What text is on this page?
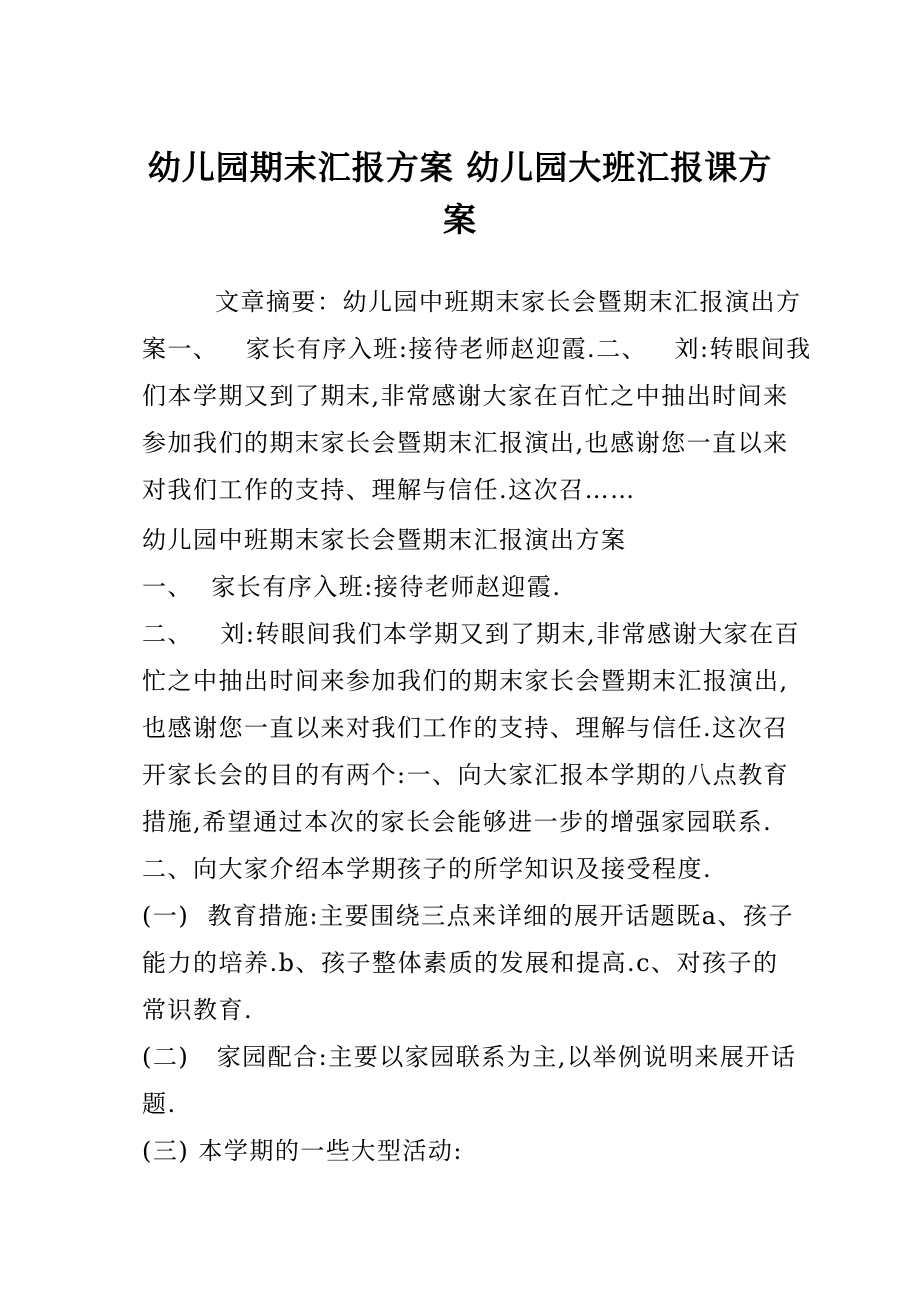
幼儿园期末汇报方案 幼儿园大班汇报课方
案
文章摘要：幼儿园中班期末家长会暨期末汇报演出方
案一、   家长有序入班:接待老师赵迎霞.二、   刘:转眼间我
们本学期又到了期末,非常感谢大家在百忙之中抽出时间来
参加我们的期末家长会暨期末汇报演出,也感谢您一直以来
对我们工作的支持、理解与信任.这次召……
幼儿园中班期末家长会暨期末汇报演出方案
一、  家长有序入班:接待老师赵迎霞.
二、   刘:转眼间我们本学期又到了期末,非常感谢大家在百
忙之中抽出时间来参加我们的期末家长会暨期末汇报演出,
也感谢您一直以来对我们工作的支持、理解与信任.这次召
开家长会的目的有两个:一、向大家汇报本学期的八点教育
措施,希望通过本次的家长会能够进一步的增强家园联系.
二、向大家介绍本学期孩子的所学知识及接受程度.
(一)  教育措施:主要围绕三点来详细的展开话题既a、孩子
能力的培养.b、孩子整体素质的发展和提高.c、对孩子的
常识教育.
(二)   家园配合:主要以家园联系为主,以举例说明来展开话
题.
(三) 本学期的一些大型活动:
